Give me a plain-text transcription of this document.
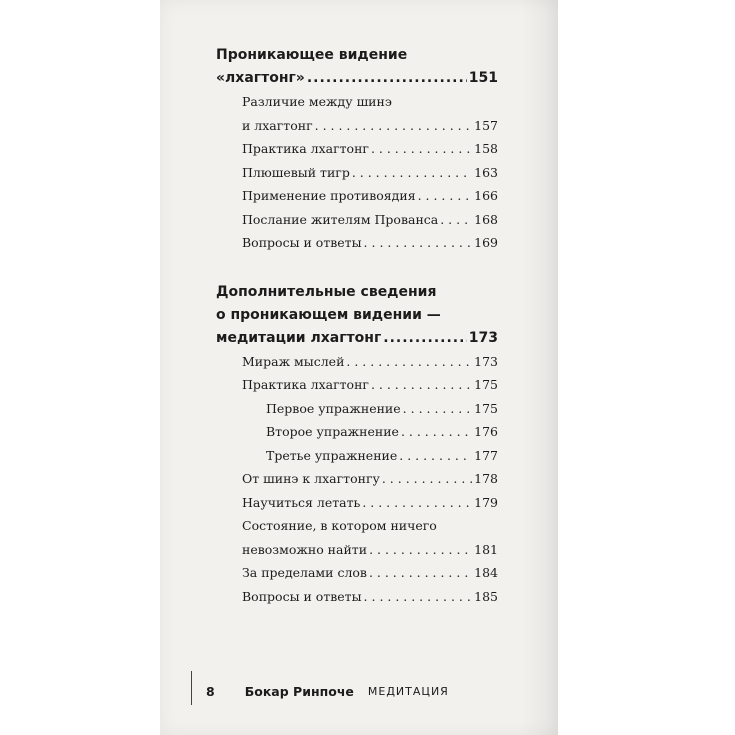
Проникающее видение
«лхагтонг» .....	151
Различие между шинэ
и лхагтонг . . .	157
Практика лхагтонг . . .	158
Плюшевый тигр . . .	163
Применение противоядия . . .	166
Послание жителям Прованса . . .	168
Вопросы и ответы . . .	169
Дополнительные сведения
о проникающем видении —
медитации лхагтонг .....	173
Мираж мыслей . . .	173
Практика лхагтонг . . .	175
Первое упражнение . . .	175
Второе упражнение . . .	176
Третье упражнение . . .	177
От шинэ к лхагтонгу . . .	178
Научиться летать . . .	179
Состояние, в котором ничего
невозможно найти . . .	181
За пределами слов . . .	184
Вопросы и ответы . . .	185
8 Бокар Ринпоче МЕДИТАЦИЯ
